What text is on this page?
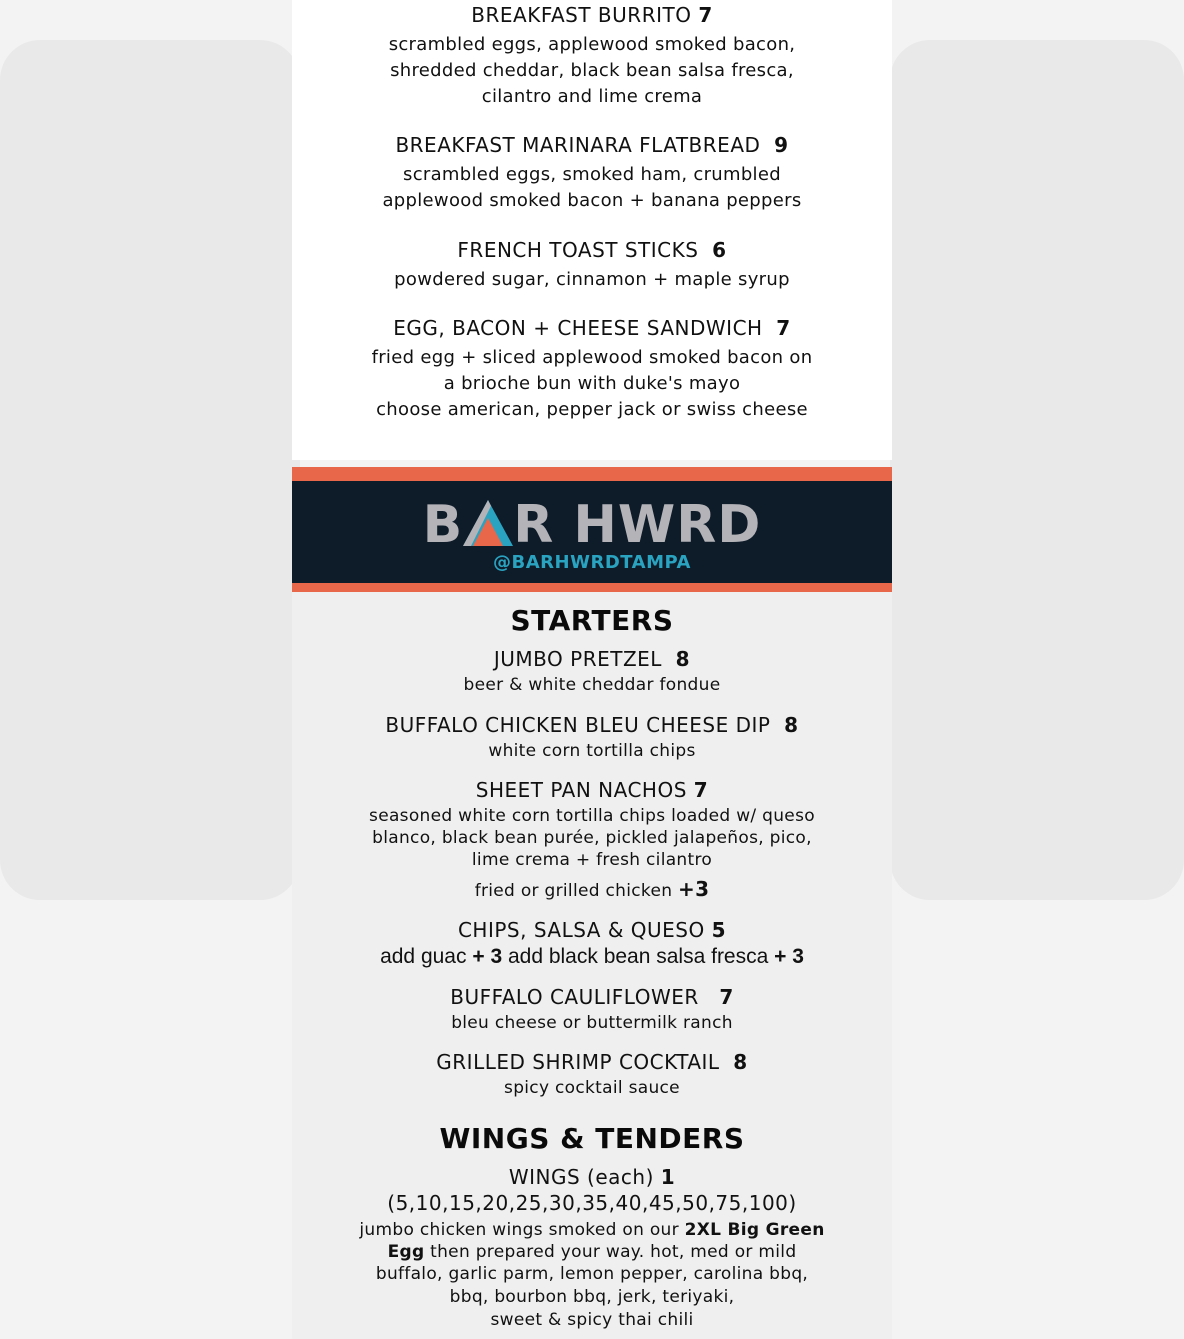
BREAKFAST BURRITO 7
scrambled eggs, applewood smoked bacon,
shredded cheddar, black bean salsa fresca,
cilantro and lime crema
BREAKFAST MARINARA FLATBREAD 9
scrambled eggs, smoked ham, crumbled
applewood smoked bacon + banana peppers
FRENCH TOAST STICKS 6
powdered sugar, cinnamon + maple syrup
EGG, BACON + CHEESE SANDWICH 7
fried egg + sliced applewood smoked bacon on
a brioche bun with duke's mayo
choose american, pepper jack or swiss cheese
B R HWRD
@BARHWRDTAMPA
STARTERS
JUMBO PRETZEL 8
beer & white cheddar fondue
BUFFALO CHICKEN BLEU CHEESE DIP 8
white corn tortilla chips
SHEET PAN NACHOS 7
seasoned white corn tortilla chips loaded w/ queso
blanco, black bean purée, pickled jalapeños, pico,
lime crema + fresh cilantro
fried or grilled chicken +3
CHIPS, SALSA & QUESO 5
add guac + 3 add black bean salsa fresca + 3
BUFFALO CAULIFLOWER 7
bleu cheese or buttermilk ranch
GRILLED SHRIMP COCKTAIL 8
spicy cocktail sauce
WINGS & TENDERS
WINGS (each) 1
(5,10,15,20,25,30,35,40,45,50,75,100)
jumbo chicken wings smoked on our 2XL Big Green
Egg then prepared your way. hot, med or mild
buffalo, garlic parm, lemon pepper, carolina bbq,
bbq, bourbon bbq, jerk, teriyaki,
sweet & spicy thai chili
